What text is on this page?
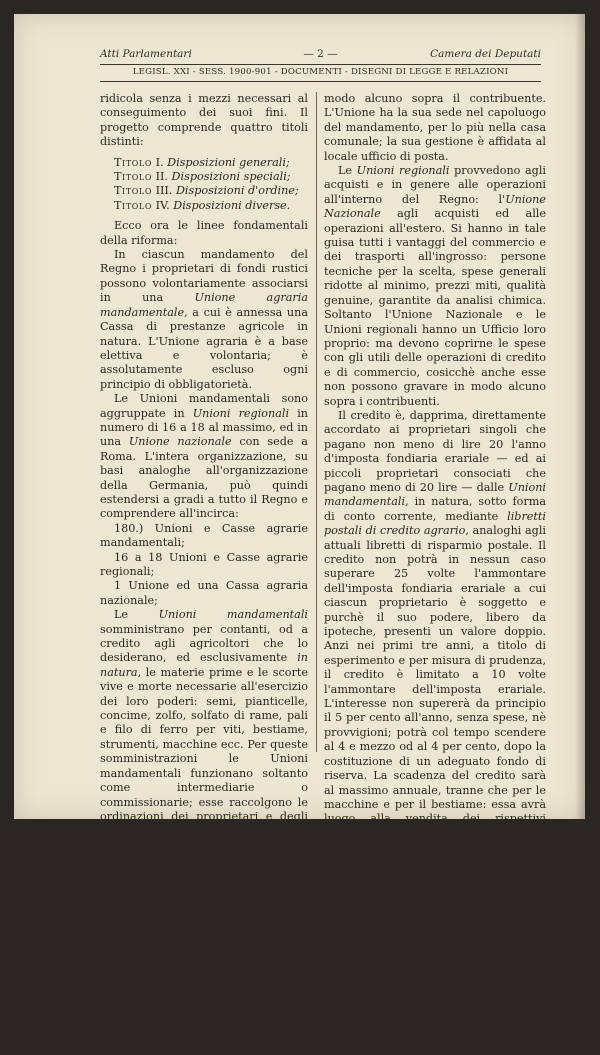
— 2 —
Atti Parlamentari	Camera dei Deputati
LEGISL. XXI - SESS. 1900-901 - DOCUMENTI - DISEGNI DI LEGGE E RELAZIONI

ridicola senza i mezzi necessari al conseguimento dei suoi fini. Il progetto comprende quattro titoli distinti:

Titolo I. Disposizioni generali;
Titolo II. Disposizioni speciali;
Titolo III. Disposizioni d'ordine;
Titolo IV. Disposizioni diverse.

Ecco ora le linee fondamentali della riforma:

In ciascun mandamento del Regno i proprietari di fondi rustici possono volontariamente associarsi in una Unione agraria mandamentale, a cui è annessa una Cassa di prestanze agricole in natura. L'Unione agraria è a base elettiva e volontaria; è assolutamente escluso ogni principio di obbligatorietà.

Le Unioni mandamentali sono aggruppate in Unioni regionali in numero di 16 a 18 al massimo, ed in una Unione nazionale con sede a Roma. L'intera organizzazione, su basi analoghe all'organizzazione della Germania, può quindi estendersi a gradi a tutto il Regno e comprendere all'incirca:

180.) Unioni e Casse agrarie mandamentali;

16 a 18 Unioni e Casse agrarie regionali;

1 Unione ed una Cassa agraria nazionale;

Le Unioni mandamentali somministrano per contanti, od a credito agli agricoltori che lo desiderano, ed esclusivamente in natura, le materie prime e le scorte vive e morte necessarie all'esercizio dei loro poderi: semi, pianticelle, concime, zolfo, solfato di rame, pali e filo di ferro per viti, bestiame, strumenti, macchine ecc. Per queste somministrazioni le Unioni mandamentali funzionano soltanto come intermediarie o commissionarie; esse raccolgono le ordinazioni dei proprietari e degli agricoltori e le trasmettono alla relativa Unione regionale; ricevono le merci ordinate in sacchi chiusi od a numero, e ne fanno consegna ai proprietari, per mezzo del locale ufficio di posta e sotto la sua garanzia e responsabilità.

L'esercizio delle Unioni agrarie mandamentali non richiede quindi nè capacità, nè attitudini speciali e difficili a trovarsi in qualsiasi villaggio; non domanda istruzione e moralità d'ordine superiore, perchè non si presta a frodi; non esige spese nè per locali, nè per il personale e non può gravare in

modo alcuno sopra il contribuente. L'Unione ha la sua sede nel capoluogo del mandamento, per lo più nella casa comunale; la sua gestione è affidata al locale ufficio di posta.

Le Unioni regionali provvedono agli acquisti e in genere alle operazioni all'interno del Regno: l'Unione Nazionale agli acquisti ed alle operazioni all'estero. Si hanno in tale guisa tutti i vantaggi del commercio e dei trasporti all'ingrosso: persone tecniche per la scelta, spese generali ridotte al minimo, prezzi miti, qualità genuine, garantite da analisi chimica. Soltanto l'Unione Nazionale e le Unioni regionali hanno un Ufficio loro proprio: ma devono coprirne le spese con gli utili delle operazioni di credito e di commercio, cosicchè anche esse non possono gravare in modo alcuno sopra i contribuenti.

Il credito è, dapprima, direttamente accordato ai proprietari singoli che pagano non meno di lire 20 l'anno d'imposta fondiaria erariale — ed ai piccoli proprietari consociati che pagano meno di 20 lire — dalle Unioni mandamentali, in natura, sotto forma di conto corrente, mediante libretti postali di credito agrario, analoghi agli attuali libretti di risparmio postale. Il credito non potrà in nessun caso superare 25 volte l'ammontare dell'imposta fondiaria erariale a cui ciascun proprietario è soggetto e purchè il suo podere, libero da ipoteche, presenti un valore doppio. Anzi nei primi tre anni, a titolo di esperimento e per misura di prudenza, il credito è limitato a 10 volte l'ammontare dell'imposta erariale. L'interesse non supererà da principio il 5 per cento all'anno, senza spese, nè provvigioni; potrà col tempo scendere al 4 e mezzo od al 4 per cento, dopo la costituzione di un adeguato fondo di riserva. La scadenza del credito sarà al massimo annuale, tranne che per le macchine e per il bestiame: essa avrà luogo alla vendita dei rispettivi prodotti e in ogni caso non eccederà i quattro mesi dal raccolto loro. Il credito verrà anzitutto accordato alle quote minori d'imposta da lire 20 in su, cosicchè sono i proprietari minori che in ciascun mandamento potranno godere del massimo credito che la legge consente.

A facilitare anzi il credito anche ai più piccoli coltivatori, la Commissione propone, che trascorsi tre anni dalla data della legge, il credito possa venire direttamente esteso
